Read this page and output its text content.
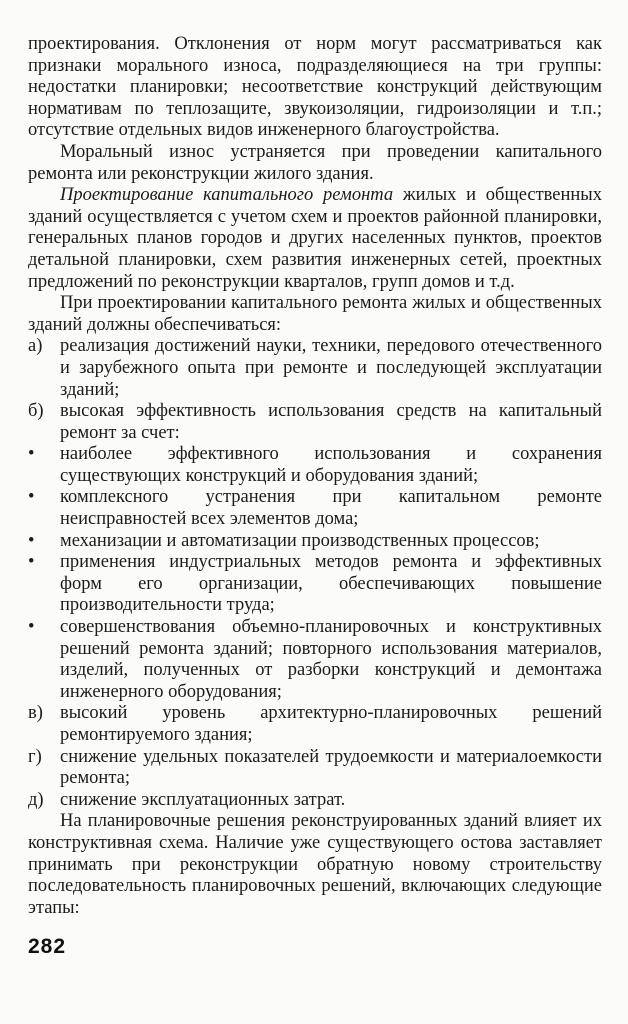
проектирования. Отклонения от норм могут рассматриваться как признаки морального износа, подразделяющиеся на три группы: недостатки планировки; несоответствие конструкций действующим нормативам по теплозащите, звукоизоляции, гидроизоляции и т.п.; отсутствие отдельных видов инженерного благоустройства.

Моральный износ устраняется при проведении капитального ремонта или реконструкции жилого здания.

Проектирование капитального ремонта жилых и общественных зданий осуществляется с учетом схем и проектов районной планировки, генеральных планов городов и других населенных пунктов, проектов детальной планировки, схем развития инженерных сетей, проектных предложений по реконструкции кварталов, групп домов и т.д.

При проектировании капитального ремонта жилых и общественных зданий должны обеспечиваться:

а) реализация достижений науки, техники, передового отечественного и зарубежного опыта при ремонте и последующей эксплуатации зданий;
б) высокая эффективность использования средств на капитальный ремонт за счет:
•	наиболее эффективного использования и сохранения существующих конструкций и оборудования зданий;
•	комплексного устранения при капитальном ремонте неисправностей всех элементов дома;
•	механизации и автоматизации производственных процессов;
•	применения индустриальных методов ремонта и эффективных форм его организации, обеспечивающих повышение производительности труда;
•	совершенствования объемно-планировочных и конструктивных решений ремонта зданий; повторного использования материалов, изделий, полученных от разборки конструкций и демонтажа инженерного оборудования;
в) высокий уровень архитектурно-планировочных решений ремонтируемого здания;
г) снижение удельных показателей трудоемкости и материалоемкости ремонта;
д) снижение эксплуатационных затрат.

На планировочные решения реконструированных зданий влияет их конструктивная схема. Наличие уже существующего остова заставляет принимать при реконструкции обратную новому строительству последовательность планировочных решений, включающих следующие этапы:

282
